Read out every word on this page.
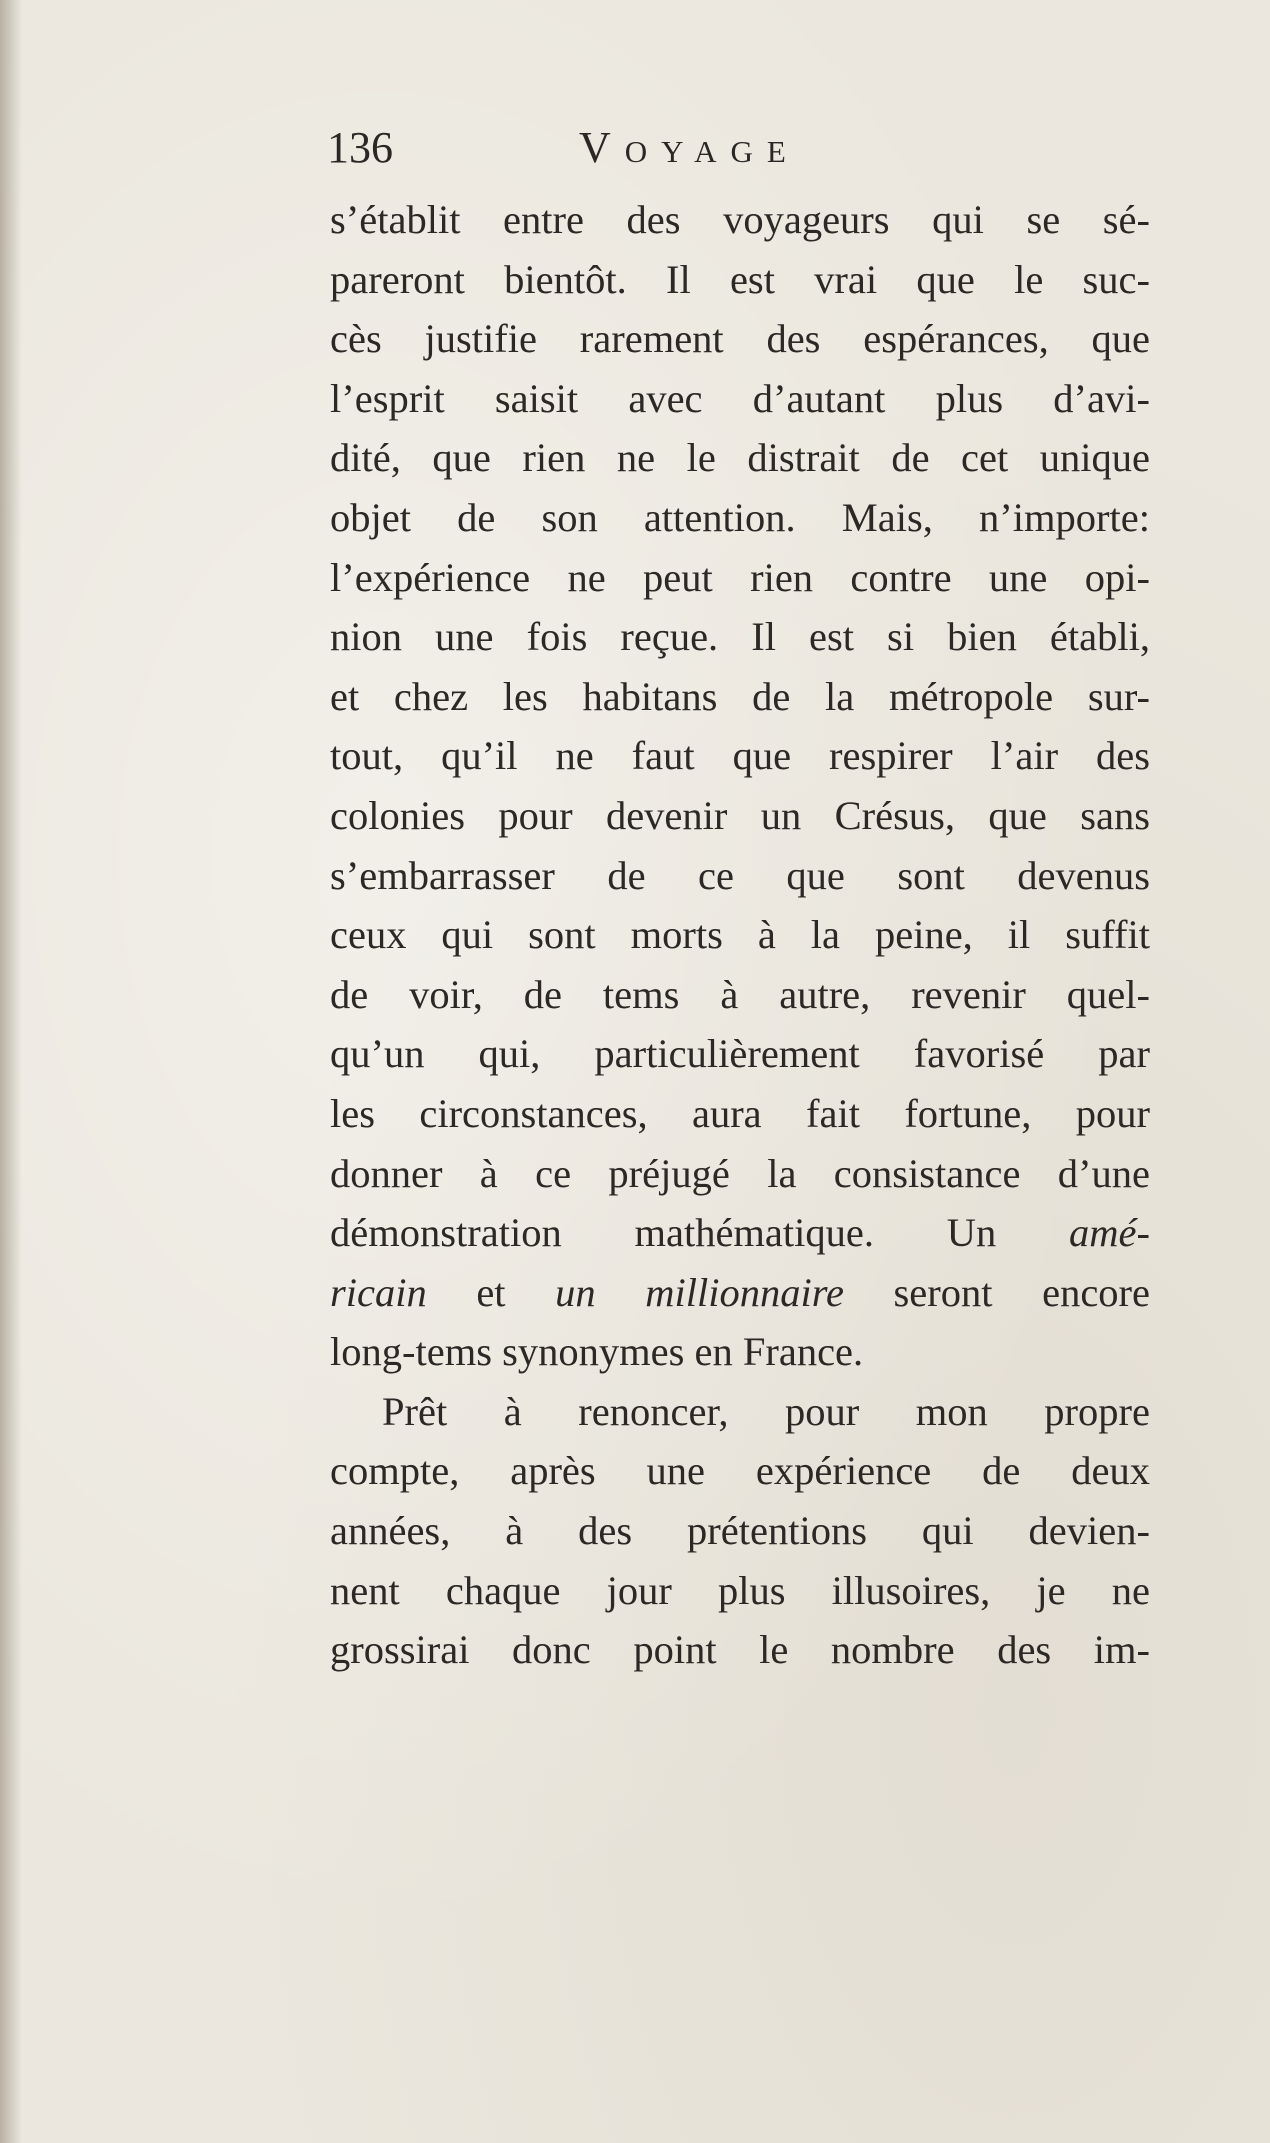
136	Voyage
s’établit entre des voyageurs qui se sé-
pareront bientôt. Il est vrai que le suc-
cès justifie rarement des espérances, que
l’esprit saisit avec d’autant plus d’avi-
dité, que rien ne le distrait de cet unique
objet de son attention. Mais, n’importe:
l’expérience ne peut rien contre une opi-
nion une fois reçue. Il est si bien établi,
et chez les habitans de la métropole sur-
tout, qu’il ne faut que respirer l’air des
colonies pour devenir un Crésus, que sans
s’embarrasser de ce que sont devenus
ceux qui sont morts à la peine, il suffit
de voir, de tems à autre, revenir quel-
qu’un qui, particulièrement favorisé par
les circonstances, aura fait fortune, pour
donner à ce préjugé la consistance d’une
démonstration mathématique. Un amé-
ricain et un millionnaire seront encore
long-tems synonymes en France.
Prêt à renoncer, pour mon propre
compte, après une expérience de deux
années, à des prétentions qui devien-
nent chaque jour plus illusoires, je ne
grossirai donc point le nombre des im-
